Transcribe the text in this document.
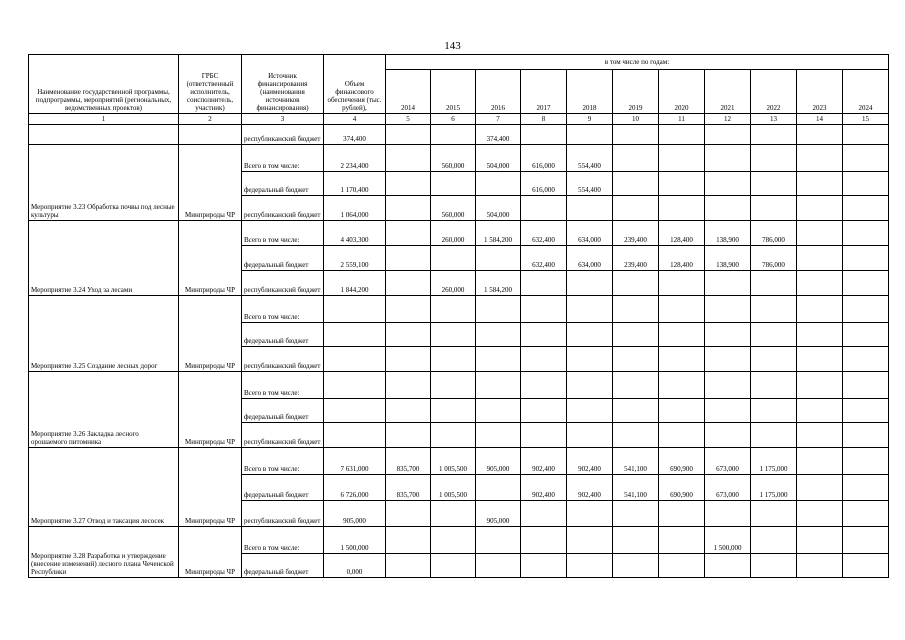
143
Наименование государственной программы, подпрограммы, мероприятий (региональных, ведомственных проектов)	ГРБС (ответственный исполнитель, соисполнитель, участник)	Источник финансирования (наименования источников финансирования)	Объем финансового обеспечения (тыс. рублей),	в том числе по годам:										
				2014	2015	2016	2017	2018	2019	2020	2021	2022	2023	2024
1	2	3	4	5	6	7	8	9	10	11	12	13	14	15
		республиканский бюджет	374,400			374,400								
Мероприятие 3.23 Обработка почвы под лесные культуры	Минприроды ЧР	Всего в том числе:	2 234,400		560,000	504,000	616,000	554,400						
		федеральный бюджет	1 170,400				616,000	554,400						
		республиканский бюджет	1 064,000		560,000	504,000								
Мероприятие 3.24 Уход за лесами	Минприроды ЧР	Всего в том числе:	4 403,300		260,000	1 584,200	632,400	634,000	239,400	128,400	138,900	786,000		
		федеральный бюджет	2 559,100				632,400	634,000	239,400	128,400	138,900	786,000		
		республиканский бюджет	1 844,200		260,000	1 584,200								
Мероприятие 3.25 Создание лесных дорог	Минприроды ЧР	Всего в том числе:												
		федеральный бюджет												
		республиканский бюджет												
Мероприятие 3.26 Закладка лесного орошаемого питомника	Минприроды ЧР	Всего в том числе:												
		федеральный бюджет												
		республиканский бюджет												
Мероприятие 3.27 Отвод и таксация лесосек	Минприроды ЧР	Всего в том числе:	7 631,000	835,700	1 005,500	905,000	902,400	902,400	541,100	690,900	673,000	1 175,000		
		федеральный бюджет	6 726,000	835,700	1 005,500		902,400	902,400	541,100	690,900	673,000	1 175,000		
		республиканский бюджет	905,000			905,000								
Мероприятие 3.28 Разработка и утверждение (внесение изменений) лесного плана Чеченской Республики	Минприроды ЧР	Всего в том числе:	1 500,000								1 500,000			
		федеральный бюджет	0,000											
